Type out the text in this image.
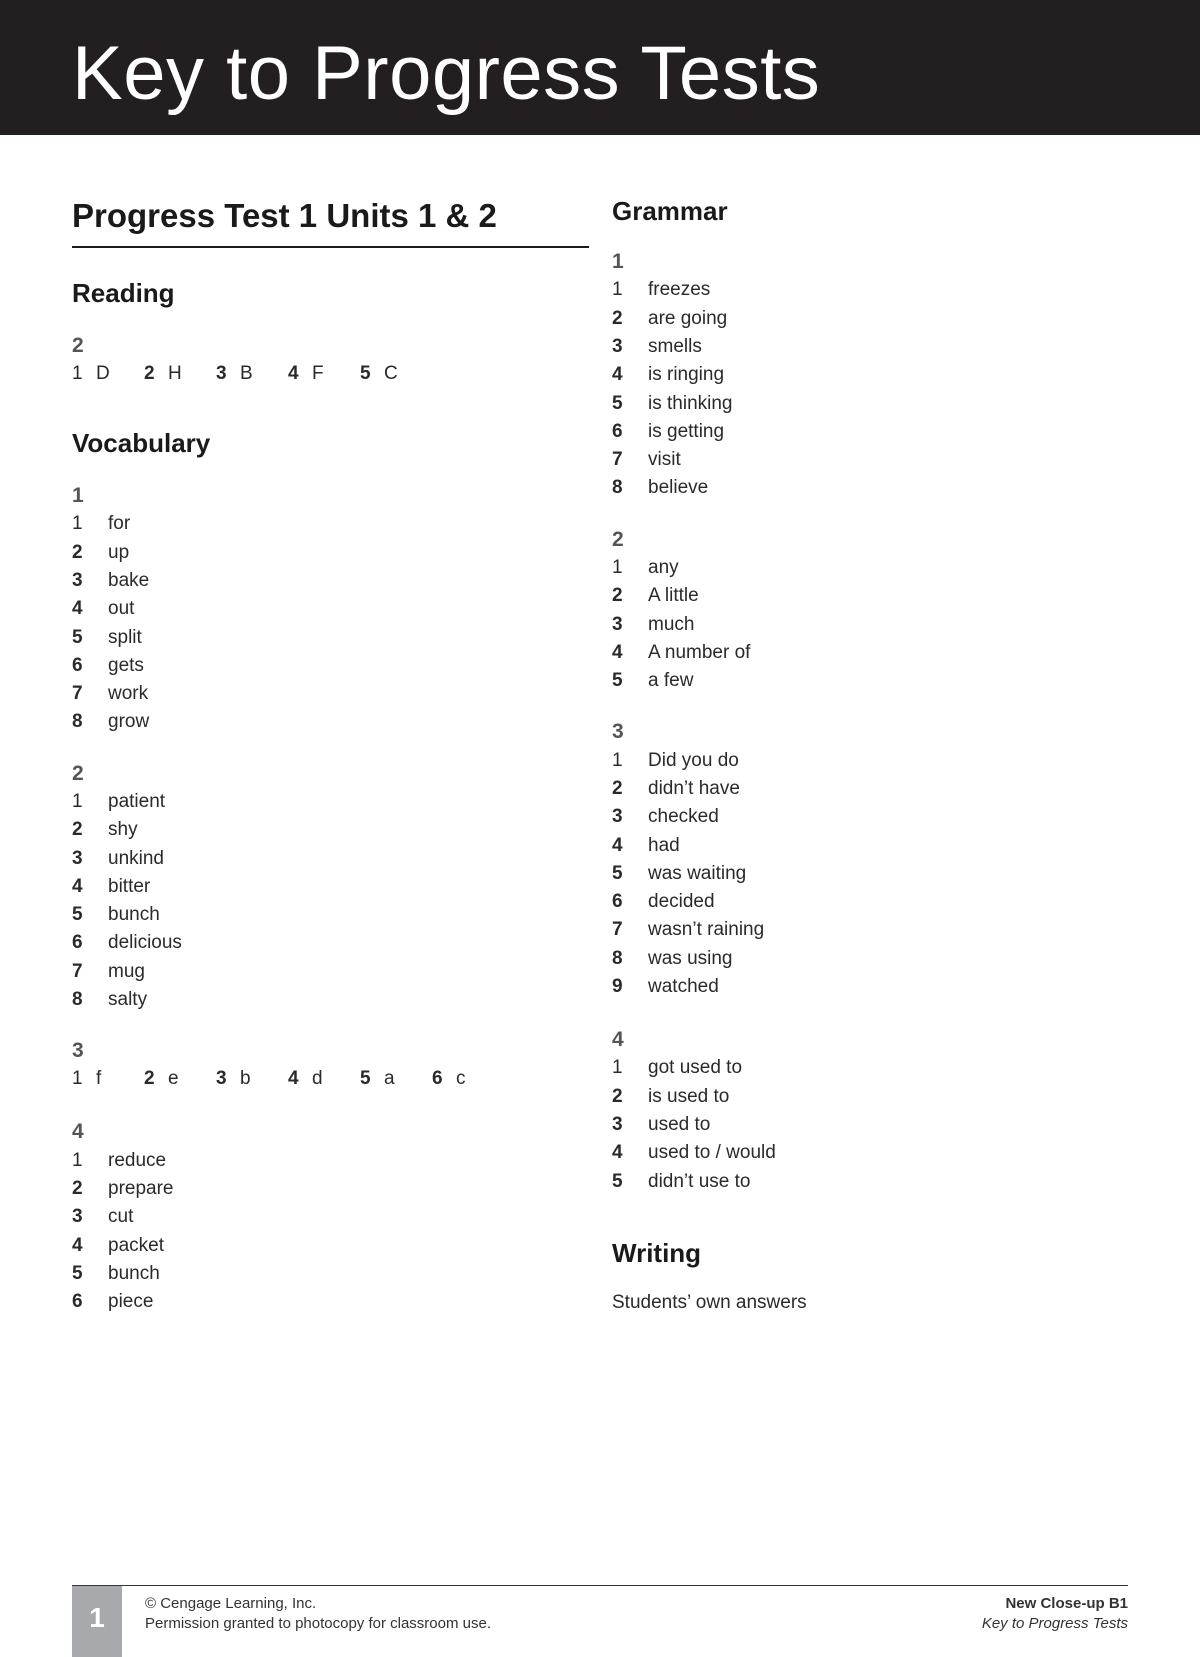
Key to Progress Tests
Progress Test 1 Units 1 & 2
Reading
2
1 D 2 H 3 B 4 F 5 C
Vocabulary
1
1 for
2 up
3 bake
4 out
5 split
6 gets
7 work
8 grow
2
1 patient
2 shy
3 unkind
4 bitter
5 bunch
6 delicious
7 mug
8 salty
3
1 f 2 e 3 b 4 d 5 a 6 c
4
1 reduce
2 prepare
3 cut
4 packet
5 bunch
6 piece
Grammar
1
1 freezes
2 are going
3 smells
4 is ringing
5 is thinking
6 is getting
7 visit
8 believe
2
1 any
2 A little
3 much
4 A number of
5 a few
3
1 Did you do
2 didn’t have
3 checked
4 had
5 was waiting
6 decided
7 wasn’t raining
8 was using
9 watched
4
1 got used to
2 is used to
3 used to
4 used to / would
5 didn’t use to
Writing
Students’ own answers
1	© Cengage Learning, Inc.
Permission granted to photocopy for classroom use.
New Close-up B1
Key to Progress Tests
